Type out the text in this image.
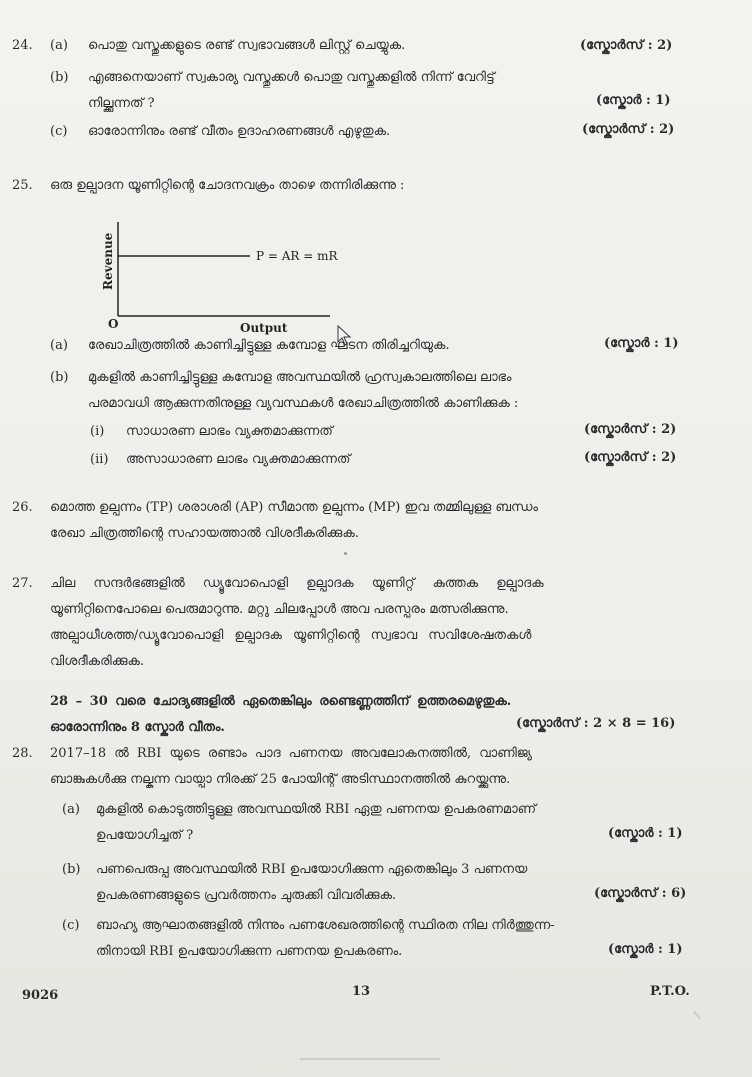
24. (a) പൊതു വസ്തുക്കളുടെ രണ്ട് സ്വഭാവങ്ങൾ ലിസ്റ്റ് ചെയ്യുക.	(സ്കോർസ് : 2)
(b) എങ്ങനെയാണ് സ്വകാര്യ വസ്തുക്കൾ പൊതു വസ്തുക്കളിൽ നിന്ന് വേറിട്ട്
നില്ക്കുന്നത് ?	(സ്കോർ : 1)
(c) ഓരോന്നിനും രണ്ട് വീതം ഉദാഹരണങ്ങൾ എഴുതുക.	(സ്കോർസ് : 2)
25. ഒരു ഉല്പാദന യൂണിറ്റിന്റെ ചോദനവക്രം താഴെ തന്നിരിക്കുന്നു :
P = AR = mR
Revenue
Output
O
(a) രേഖാചിത്രത്തിൽ കാണിച്ചിട്ടുള്ള കമ്പോള ഘടന തിരിച്ചറിയുക.	(സ്കോർ : 1)
(b) മുകളിൽ കാണിച്ചിട്ടുള്ള കമ്പോള അവസ്ഥയിൽ ഹ്രസ്വകാലത്തിലെ ലാഭം
പരമാവധി ആക്കുന്നതിനുള്ള വ്യവസ്ഥകൾ രേഖാചിത്രത്തിൽ കാണിക്കുക :
(i) സാധാരണ ലാഭം വ്യക്തമാക്കുന്നത്	(സ്കോർസ് : 2)
(ii) അസാധാരണ ലാഭം വ്യക്തമാക്കുന്നത്	(സ്കോർസ് : 2)
26. മൊത്ത ഉല്പന്നം (TP) ശരാശരി (AP) സീമാന്ത ഉല്പന്നം (MP) ഇവ തമ്മിലുള്ള ബന്ധം
രേഖാ ചിത്രത്തിന്റെ സഹായത്താൽ വിശദീകരിക്കുക.
27. ചില സന്ദർഭങ്ങളിൽ ഡ്യൂവോപൊളി ഉല്പാദക യൂണിറ്റ് കുത്തക ഉല്പാദക
യൂണിറ്റിനെപോലെ പെരുമാറുന്നു. മറ്റു ചിലപ്പോൾ അവ പരസ്പരം മത്സരിക്കുന്നു.
അല്പാധീശത്ത/ഡ്യൂവോപൊളി ഉല്പാദക യൂണിറ്റിന്റെ സ്വഭാവ സവിശേഷതകൾ
വിശദീകരിക്കുക.
28 – 30 വരെ ചോദ്യങ്ങളിൽ ഏതെങ്കിലും രണ്ടെണ്ണത്തിന് ഉത്തരമെഴുതുക.
ഓരോന്നിനും 8 സ്കോർ വീതം.	(സ്കോർസ് : 2 × 8 = 16)
28. 2017–18 ൽ RBI യുടെ രണ്ടാം പാദ പണനയ അവലോകനത്തിൽ, വാണിജ്യ
ബാങ്കുകൾക്കു നല്കുന്ന വായ്പാ നിരക്ക് 25 പോയിന്റ് അടിസ്ഥാനത്തിൽ കുറയ്ക്കുന്നു.
(a) മുകളിൽ കൊടുത്തിട്ടുള്ള അവസ്ഥയിൽ RBI ഏതു പണനയ ഉപകരണമാണ്
ഉപയോഗിച്ചത് ?	(സ്കോർ : 1)
(b) പണപെരുപ്പ അവസ്ഥയിൽ RBI ഉപയോഗിക്കുന്ന ഏതെങ്കിലും 3 പണനയ
ഉപകരണങ്ങളുടെ പ്രവർത്തനം ചുരുക്കി വിവരിക്കുക.	(സ്കോർസ് : 6)
(c) ബാഹ്യ ആഘാതങ്ങളിൽ നിന്നും പണശേഖരത്തിന്റെ സ്ഥിരത നില നിർത്തുന്ന-
തിനായി RBI ഉപയോഗിക്കുന്ന പണനയ ഉപകരണം.	(സ്കോർ : 1)
9026	13	P.T.O.
